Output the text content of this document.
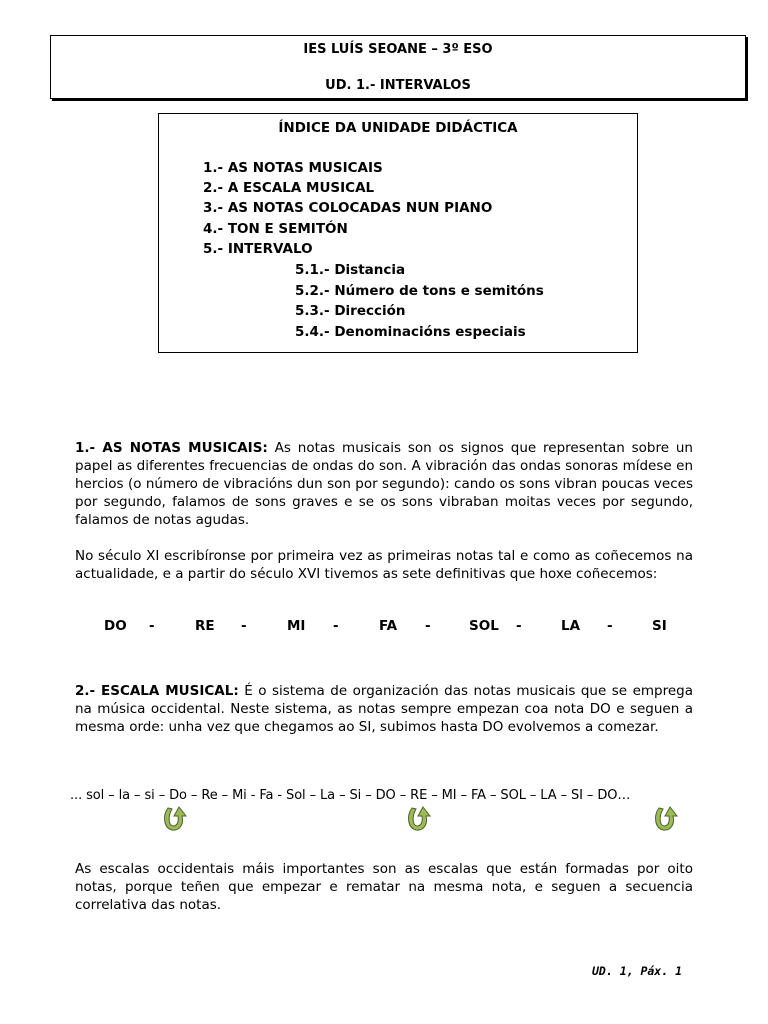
IES LUÍS SEOANE – 3º ESO
UD. 1.- INTERVALOS
ÍNDICE DA UNIDADE DIDÁCTICA
1.- AS NOTAS MUSICAIS
2.- A ESCALA MUSICAL
3.- AS NOTAS COLOCADAS NUN PIANO
4.- TON E SEMITÓN
5.- INTERVALO
5.1.- Distancia
5.2.- Número de tons e semitóns
5.3.- Dirección
5.4.- Denominacións especiais

1.- AS NOTAS MUSICAIS: As notas musicais son os signos que representan sobre un papel as diferentes frecuencias de ondas do son. A vibración das ondas sonoras mídese en hercios (o número de vibracións dun son por segundo): cando os sons vibran poucas veces por segundo, falamos de sons graves e se os sons vibraban moitas veces por segundo, falamos de notas agudas.

No século XI escribíronse por primeira vez as primeiras notas tal e como as coñecemos na actualidade, e a partir do século XVI tivemos as sete definitivas que hoxe coñecemos:

DO -	RE -	MI -	FA -	SOL -	LA -	SI

2.- ESCALA MUSICAL: É o sistema de organización das notas musicais que se emprega na música occidental. Neste sistema, as notas sempre empezan coa nota DO e seguen a mesma orde: unha vez que chegamos ao SI, subimos hasta DO evolvemos a comezar.

... sol – la – si – Do – Re – Mi - Fa - Sol – La – Si – DO – RE – MI – FA – SOL – LA – SI – DO…

As escalas occidentais máis importantes son as escalas que están formadas por oito notas, porque teñen que empezar e rematar na mesma nota, e seguen a secuencia correlativa das notas.

UD. 1, Páx. 1
